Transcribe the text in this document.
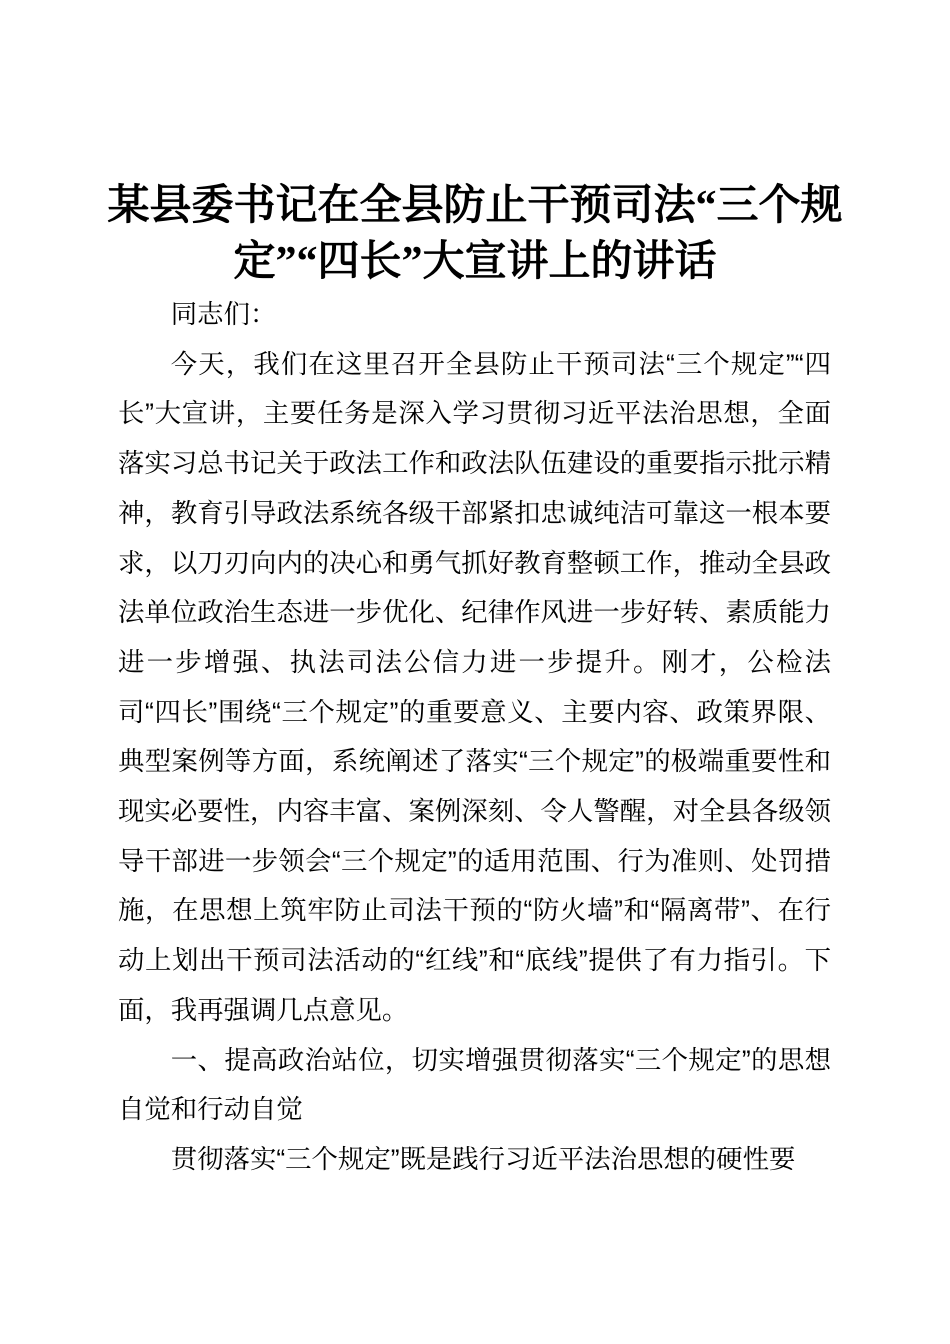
某县委书记在全县防止干预司法“三个规定”“四长”大宣讲上的讲话

同志们：

今天，我们在这里召开全县防止干预司法“三个规定”“四长”大宣讲，主要任务是深入学习贯彻习近平法治思想，全面落实习总书记关于政法工作和政法队伍建设的重要指示批示精神，教育引导政法系统各级干部紧扣忠诚纯洁可靠这一根本要求，以刀刃向内的决心和勇气抓好教育整顿工作，推动全县政法单位政治生态进一步优化、纪律作风进一步好转、素质能力进一步增强、执法司法公信力进一步提升。刚才，公检法司“四长”围绕“三个规定”的重要意义、主要内容、政策界限、典型案例等方面，系统阐述了落实“三个规定”的极端重要性和现实必要性，内容丰富、案例深刻、令人警醒，对全县各级领导干部进一步领会“三个规定”的适用范围、行为准则、处罚措施，在思想上筑牢防止司法干预的“防火墙”和“隔离带”、在行动上划出干预司法活动的“红线”和“底线”提供了有力指引。下面，我再强调几点意见。

一、提高政治站位，切实增强贯彻落实“三个规定”的思想自觉和行动自觉

贯彻落实“三个规定”既是践行习近平法治思想的硬性要
